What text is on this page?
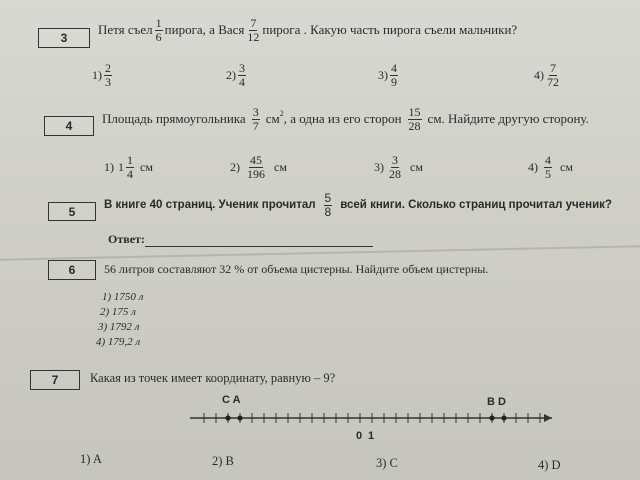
3
Петя съел $\frac{1}{6}$ пирога, а Вася $\frac{7}{12}$ пирога . Какую часть пирога съели мальчики?
$1) \frac{2}{3}$	$2) \frac{3}{4}$	$3) \frac{4}{9}$	$4) \frac{7}{72}$
4 Площадь прямоугольника $\frac{3}{7}$ см 2 , а одна из его сторон $\frac{15}{28}$ см. Найдите другую сторону.
1) $1 \frac{1}{4}$ см	$2) \frac{45}{196}$ см	$3) \frac{3}{28}$ см	$4) \frac{4}{5}$ см
5 В книге 40 страниц. Ученик прочитал $\frac{5}{8}$ всей книги. Сколько страниц прочитал ученик?
Ответ:
6 56 литров составляют 32 % от объема цистерны. Найдите объем цистерны.
1) 1750 л
2) 175 л
3) 1792 л
4) 179,2 л
7	Какая из точек имеет координату, равную – 9?
C A	B D
0 1
1) A	2) B	3) C	4) D
